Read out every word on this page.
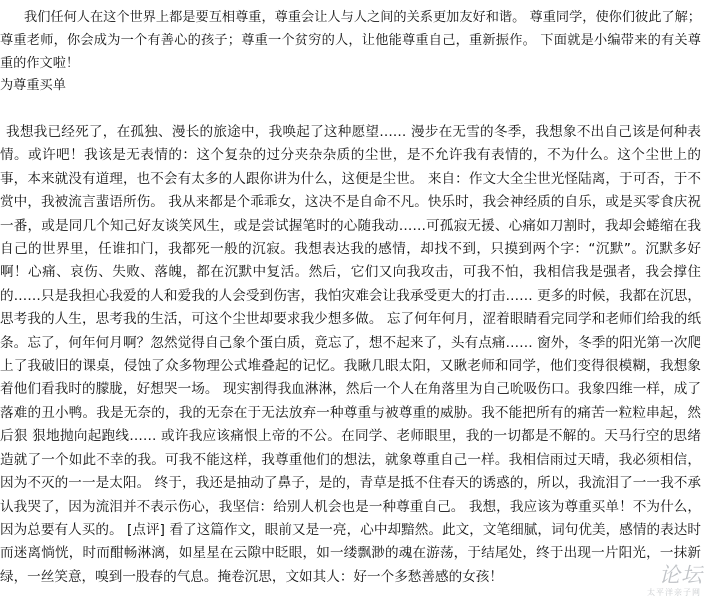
我们任何人在这个世界上都是要互相尊重，尊重会让人与人之间的关系更加友好和谐。 尊重同学，使你们彼此了解；尊重老师，你会成为一个有善心的孩子；尊重一个贫穷的人，让他能尊重自己，重新振作。 下面就是小编带来的有关尊重的作文啦！

为尊重买单

我想我已经死了，在孤独、漫长的旅途中，我唤起了这种愿望…… 漫步在无雪的冬季，我想象不出自己该是何种表情。或许吧！我该是无表情的：这个复杂的过分夹杂杂质的尘世，是不允许我有表情的，不为什么。这个尘世上的事，本来就没有道理，也不会有太多的人跟你讲为什么，这便是尘世。 来自：作文大全尘世光怪陆离，于可否，于不赏中，我被流言蜚语所伤。 我从来都是个乖乖女，这决不是自命不凡。快乐时，我会神经质的自乐，或是买零食庆祝一番，或是同几个知己好友谈笑风生，或是尝试握笔时的心随我动……可孤寂无援、心痛如刀割时，我却会蜷缩在我自己的世界里，任谁扣门，我都死一般的沉寂。我想表达我的感情，却找不到，只摸到两个字：“沉默”。沉默多好啊！心痛、哀伤、失败、落魄，都在沉默中复活。然后，它们又向我攻击，可我不怕，我相信我是强者，我会撑住的……只是我担心我爱的人和爱我的人会受到伤害，我怕灾难会让我承受更大的打击…… 更多的时候，我都在沉思，思考我的人生，思考我的生活，可这个尘世却要求我少想多做。 忘了何年何月，涩着眼睛看完同学和老师们给我的纸条。忘了，何年何月啊？忽然觉得自己象个蛋白质，竟忘了，想不起来了，头有点痛…… 窗外，冬季的阳光第一次爬上了我破旧的课桌，侵蚀了众多物理公式堆叠起的记忆。我瞅几眼太阳，又瞅老师和同学，他们变得很模糊，我想象着他们看我时的朦胧，好想哭一场。 现实割得我血淋淋，然后一个人在角落里为自己吮吸伤口。我象四维一样，成了落难的丑小鸭。我是无奈的，我的无奈在于无法放弃一种尊重与被尊重的威胁。我不能把所有的痛苦一粒粒串起，然后狠 狠地抛向起跑线…… 或许我应该痛恨上帝的不公。在同学、老师眼里，我的一切都是不解的。天马行空的思绪造就了一个如此不幸的我。可我不能这样，我尊重他们的想法，就象尊重自己一样。我相信雨过天晴，我必须相信，因为不灭的一一是太阳。 终于，我还是抽动了鼻子，是的，青草是抵不住春天的诱惑的，所以，我流泪了一一我不承认我哭了，因为流泪并不表示伤心，我坚信：给别人机会也是一种尊重自己。 我想，我应该为尊重买单！不为什么，因为总要有人买的。 [点评] 看了这篇作文，眼前又是一亮，心中却黯然。此文，文笔细腻，词句优美，感情的表达时而迷离惝恍，时而酣畅淋漓，如星星在云隙中眨眼，如一缕飘渺的魂在游荡，于结尾处，终于出现一片阳光，一抹新绿，一丝笑意，嗅到一股春的气息。掩卷沉思，文如其人：好一个多愁善感的女孩！	论坛
太平洋亲子网
